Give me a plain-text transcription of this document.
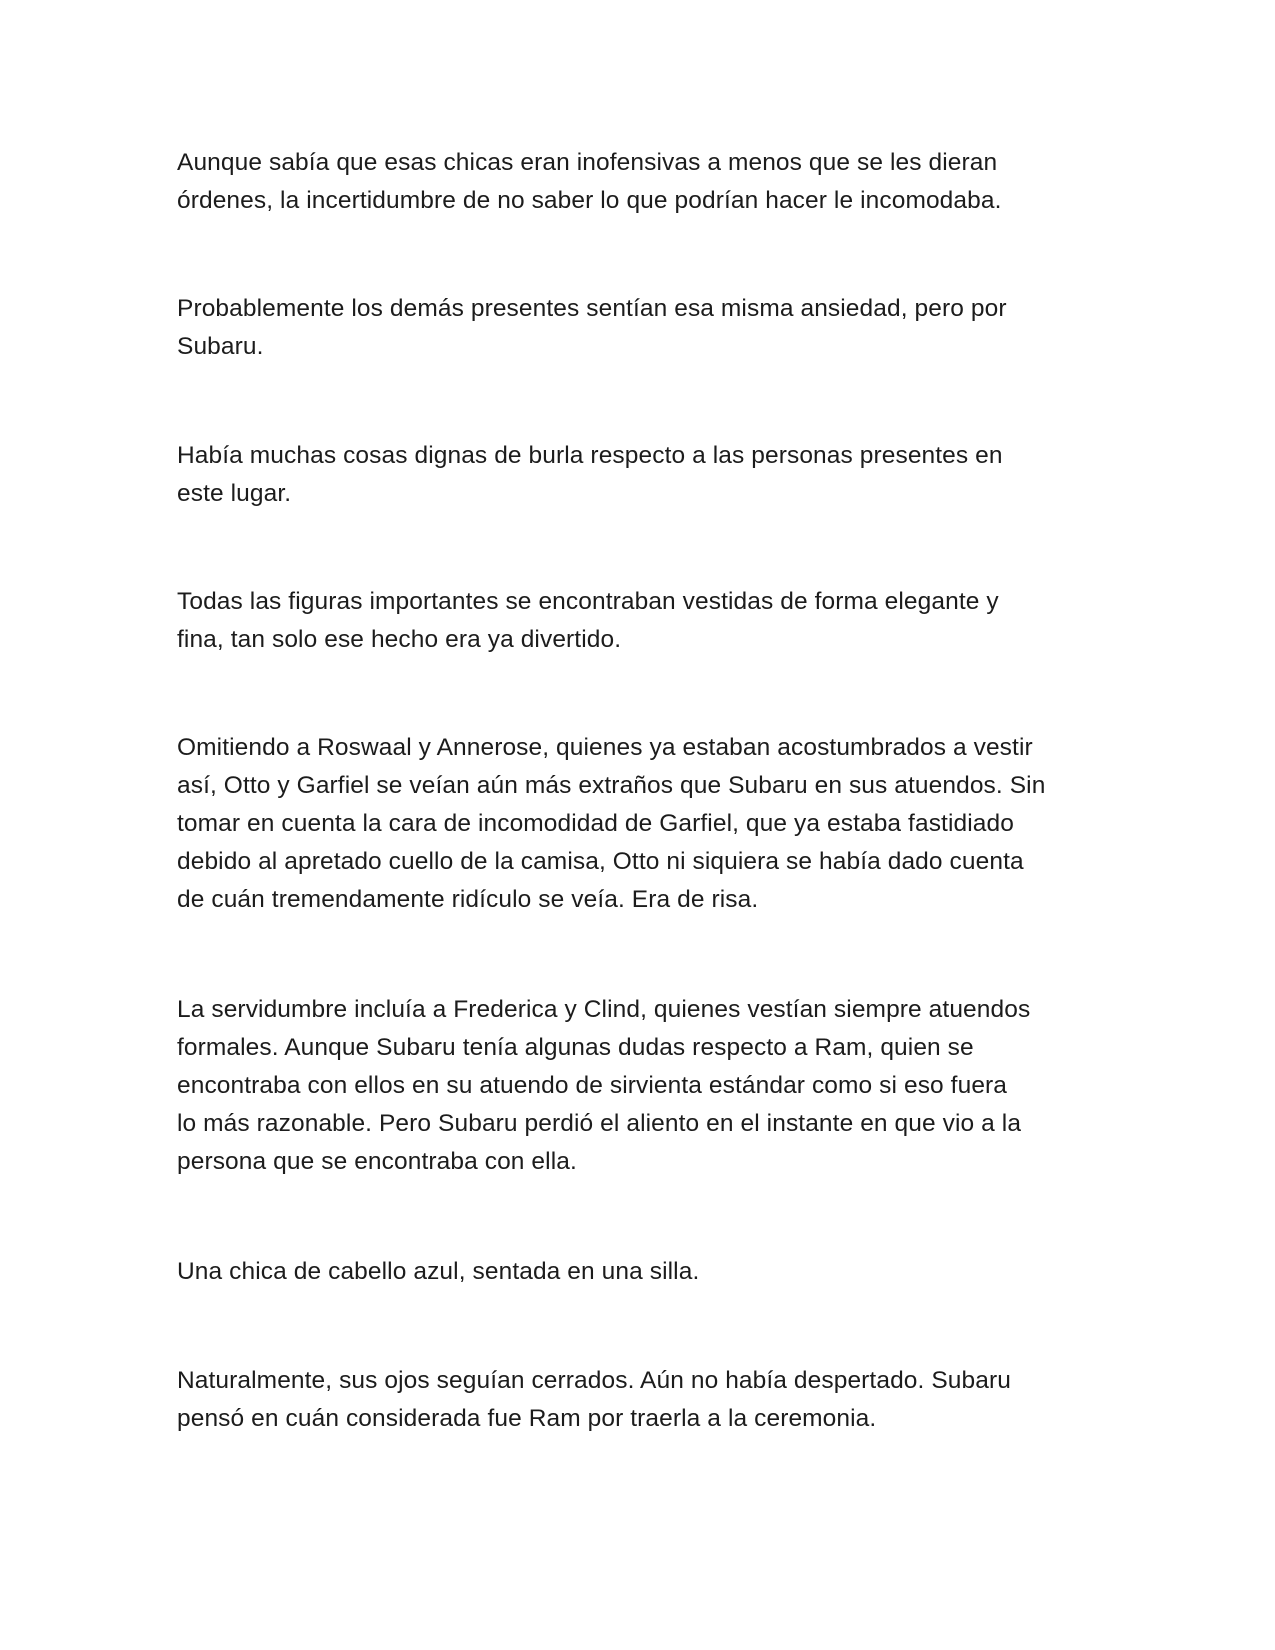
Aunque sabía que esas chicas eran inofensivas a menos que se les dieran
órdenes, la incertidumbre de no saber lo que podrían hacer le incomodaba.

Probablemente los demás presentes sentían esa misma ansiedad, pero por
Subaru.

Había muchas cosas dignas de burla respecto a las personas presentes en
este lugar.

Todas las figuras importantes se encontraban vestidas de forma elegante y
fina, tan solo ese hecho era ya divertido.

Omitiendo a Roswaal y Annerose, quienes ya estaban acostumbrados a vestir
así, Otto y Garfiel se veían aún más extraños que Subaru en sus atuendos. Sin
tomar en cuenta la cara de incomodidad de Garfiel, que ya estaba fastidiado
debido al apretado cuello de la camisa, Otto ni siquiera se había dado cuenta
de cuán tremendamente ridículo se veía. Era de risa.

La servidumbre incluía a Frederica y Clind, quienes vestían siempre atuendos
formales. Aunque Subaru tenía algunas dudas respecto a Ram, quien se
encontraba con ellos en su atuendo de sirvienta estándar como si eso fuera
lo más razonable. Pero Subaru perdió el aliento en el instante en que vio a la
persona que se encontraba con ella.

Una chica de cabello azul, sentada en una silla.

Naturalmente, sus ojos seguían cerrados. Aún no había despertado. Subaru
pensó en cuán considerada fue Ram por traerla a la ceremonia.
